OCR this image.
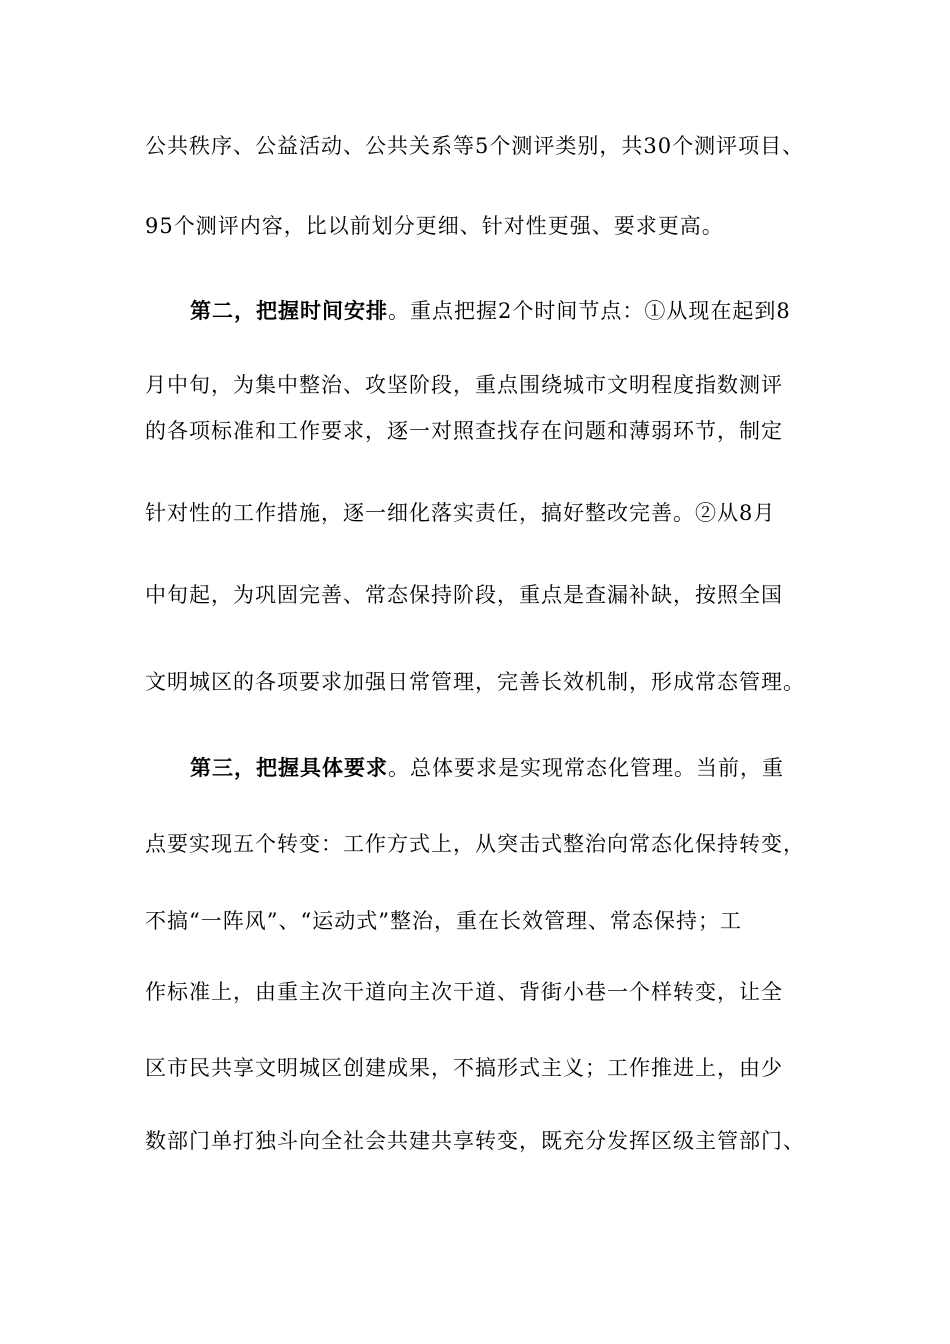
公共秩序、公益活动、公共关系等5个测评类别，共30个测评项目、
95个测评内容，比以前划分更细、针对性更强、要求更高。
第二，把握时间安排。重点把握2个时间节点：①从现在起到8
月中旬，为集中整治、攻坚阶段，重点围绕城市文明程度指数测评
的各项标准和工作要求，逐一对照查找存在问题和薄弱环节，制定
针对性的工作措施，逐一细化落实责任，搞好整改完善。②从8月
中旬起，为巩固完善、常态保持阶段，重点是查漏补缺，按照全国
文明城区的各项要求加强日常管理，完善长效机制，形成常态管理。
第三，把握具体要求。总体要求是实现常态化管理。当前，重
点要实现五个转变：工作方式上，从突击式整治向常态化保持转变，
不搞“一阵风”、“运动式”整治，重在长效管理、常态保持；工
作标准上，由重主次干道向主次干道、背街小巷一个样转变，让全
区市民共享文明城区创建成果，不搞形式主义；工作推进上，由少
数部门单打独斗向全社会共建共享转变，既充分发挥区级主管部门、
